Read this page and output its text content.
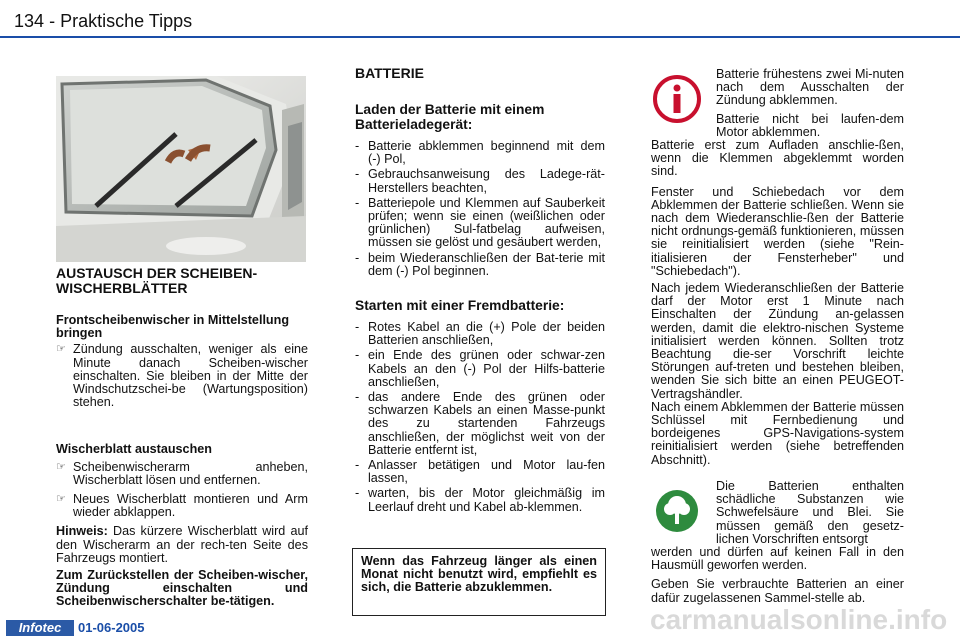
134 - Praktische Tipps
AUSTAUSCH DER SCHEIBEN-WISCHERBLÄTTER
Frontscheibenwischer in Mittelstellung bringen
☞ Zündung ausschalten, weniger als eine Minute danach Scheiben-wischer einschalten. Sie bleiben in der Mitte der Windschutzschei-be (Wartungsposition) stehen.
Wischerblatt austauschen
☞ Scheibenwischerarm anheben, Wischerblatt lösen und entfernen.
☞ Neues Wischerblatt montieren und Arm wieder abklappen.
Hinweis: Das kürzere Wischerblatt wird auf den Wischerarm an der rech-ten Seite des Fahrzeugs montiert.
Zum Zurückstellen der Scheiben-wischer, Zündung einschalten und Scheibenwischerschalter be-tätigen.
BATTERIE
Laden der Batterie mit einem Batterieladegerät:
- Batterie abklemmen beginnend mit dem (-) Pol,
- Gebrauchsanweisung des Ladege-rät-Herstellers beachten,
- Batteriepole und Klemmen auf Sauberkeit prüfen; wenn sie einen (weißlichen oder grünlichen) Sul-fatbelag aufweisen, müssen sie gelöst und gesäubert werden,
- beim Wiederanschließen der Bat-terie mit dem (-) Pol beginnen.
Starten mit einer Fremdbatterie:
- Rotes Kabel an die (+) Pole der beiden Batterien anschließen,
- ein Ende des grünen oder schwar-zen Kabels an den (-) Pol der Hilfs-batterie anschließen,
- das andere Ende des grünen oder schwarzen Kabels an einen Masse-punkt des zu startenden Fahrzeugs anschließen, der möglichst weit von der Batterie entfernt ist,
- Anlasser betätigen und Motor lau-fen lassen,
- warten, bis der Motor gleichmäßig im Leerlauf dreht und Kabel ab-klemmen.
Wenn das Fahrzeug länger als einen Monat nicht benutzt wird, empfiehlt es sich, die Batterie abzuklemmen.
Batterie frühestens zwei Mi-nuten nach dem Ausschalten der Zündung abklemmen.
Batterie nicht bei laufen-dem Motor abklemmen.
Batterie erst zum Aufladen anschlie-ßen, wenn die Klemmen abgeklemmt worden sind.
Fenster und Schiebedach vor dem Abklemmen der Batterie schließen. Wenn sie nach dem Wiederanschlie-ßen der Batterie nicht ordnungs-gemäß funktionieren, müssen sie reinitialisiert werden (siehe "Rein-itialisieren der Fensterheber" und "Schiebedach").
Nach jedem Wiederanschließen der Batterie darf der Motor erst 1 Minute nach Einschalten der Zündung an-gelassen werden, damit die elektro-nischen Systeme initialisiert werden können. Sollten trotz Beachtung die-ser Vorschrift leichte Störungen auf-treten und bestehen bleiben, wenden Sie sich bitte an einen PEUGEOT-Vertragshändler.
Nach einem Abklemmen der Batterie müssen Schlüssel mit Fernbedienung und bordeigenes GPS-Navigations-system reinitialisiert werden (siehe betreffenden Abschnitt).
Die Batterien enthalten schädliche Substanzen wie Schwefelsäure und Blei. Sie müssen gemäß den gesetz-lichen Vorschriften entsorgt
werden und dürfen auf keinen Fall in den Hausmüll geworfen werden.
Geben Sie verbrauchte Batterien an einer dafür zugelassenen Sammel-stelle ab.
Infotec	01-06-2005	carmanualsonline.info
